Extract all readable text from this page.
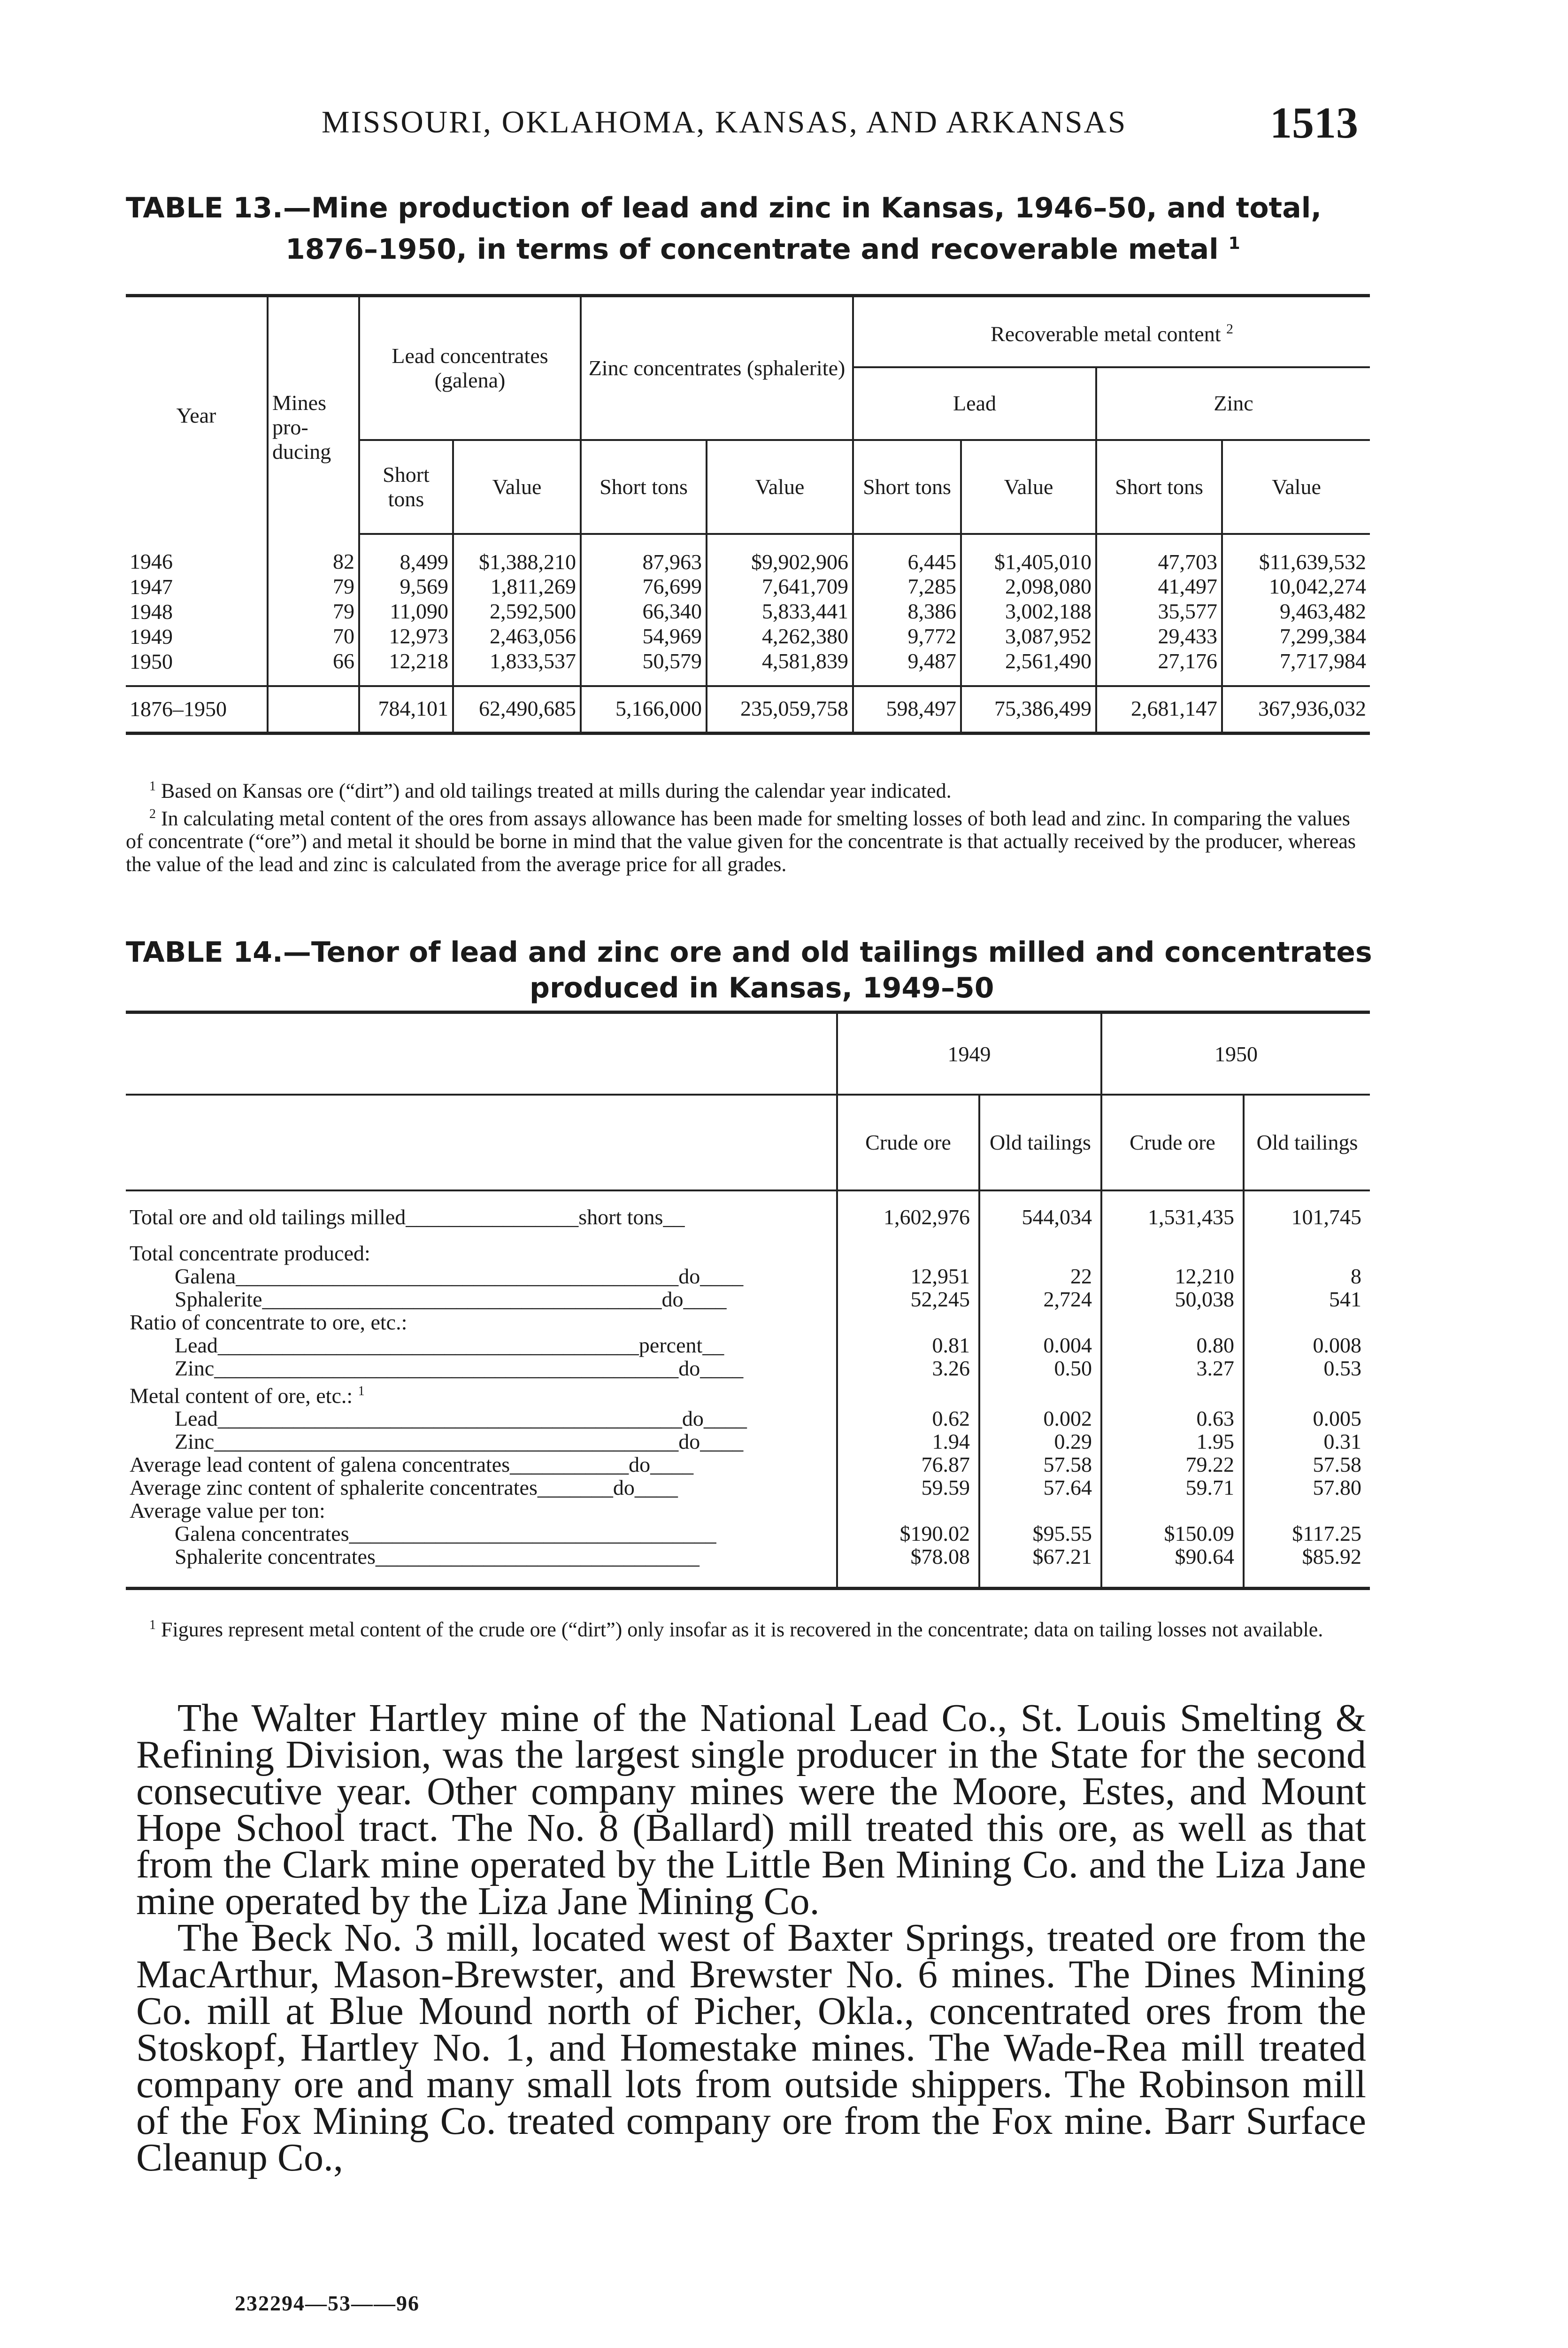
MISSOURI, OKLAHOMA, KANSAS, AND ARKANSAS	1513
TABLE 13.—Mine production of lead and zinc in Kansas, 1946–50, and total,
1876–1950, in terms of concentrate and recoverable metal $^1$
Year	Mines pro- ducing	Lead concentrates (galena)		Zinc concentrates (sphalerite)		Recoverable metal content $^2$
						Lead		Zinc	
		Short tons	Value	Short tons	Value	Short tons	Value	Short tons	Value
1946	82	8,499	$1,388,210	87,963	$9,902,906	6,445	$1,405,010	47,703	$11,639,532
1947	79	9,569	1,811,269	76,699	7,641,709	7,285	2,098,080	41,497	10,042,274
1948	79	11,090	2,592,500	66,340	5,833,441	8,386	3,002,188	35,577	9,463,482
1949	70	12,973	2,463,056	54,969	4,262,380	9,772	3,087,952	29,433	7,299,384
1950	66	12,218	1,833,537	50,579	4,581,839	9,487	2,561,490	27,176	7,717,984
1876–1950		784,101	62,490,685	5,166,000	235,059,758	598,497	75,386,499	2,681,147	367,936,032
$^1$ Based on Kansas ore (“dirt”) and old tailings treated at mills during the calendar year indicated.
$^2$ In calculating metal content of the ores from assays allowance has been made for smelting losses of both lead and zinc. In comparing the values of concentrate (“ore”) and metal it should be borne in mind that the value given for the concentrate is that actually received by the producer, whereas the value of the lead and zinc is calculated from the average price for all grades.
TABLE 14.—Tenor of lead and zinc ore and old tailings milled and concentrates
produced in Kansas, 1949–50
	1949		1950	
	Crude ore	Old tailings	Crude ore	Old tailings
Total ore and old tailings milled________________short tons__	1,602,976	544,034	1,531,435	101,745

Total concentrate produced:				
Galena_________________________________________do____	12,951	22	12,210	8
Sphalerite_____________________________________do____	52,245	2,724	50,038	541
Ratio of concentrate to ore, etc.:				
Lead_______________________________________percent__	0.81	0.004	0.80	0.008
Zinc___________________________________________do____	3.26	0.50	3.27	0.53
Metal content of ore, etc.: $^1$				
Lead___________________________________________do____	0.62	0.002	0.63	0.005
Zinc___________________________________________do____	1.94	0.29	1.95	0.31
Average lead content of galena concentrates___________do____	76.87	57.58	79.22	57.58
Average zinc content of sphalerite concentrates_______do____	59.59	57.64	59.71	57.80
Average value per ton:				
Galena concentrates__________________________________	$190.02	$95.55	$150.09	$117.25
Sphalerite concentrates______________________________	$78.08	$67.21	$90.64	$85.92
$^1$ Figures represent metal content of the crude ore (“dirt”) only insofar as it is recovered in the concentrate; data on tailing losses not available.

The Walter Hartley mine of the National Lead Co., St. Louis Smelting & Refining Division, was the largest single producer in the State for the second consecutive year. Other company mines were the Moore, Estes, and Mount Hope School tract. The No. 8 (Ballard) mill treated this ore, as well as that from the Clark mine operated by the Little Ben Mining Co. and the Liza Jane mine operated by the Liza Jane Mining Co.

The Beck No. 3 mill, located west of Baxter Springs, treated ore from the MacArthur, Mason-Brewster, and Brewster No. 6 mines. The Dines Mining Co. mill at Blue Mound north of Picher, Okla., concentrated ores from the Stoskopf, Hartley No. 1, and Homestake mines. The Wade-Rea mill treated company ore and many small lots from outside shippers. The Robinson mill of the Fox Mining Co. treated company ore from the Fox mine. Barr Surface Cleanup Co.,

232294—53——96
